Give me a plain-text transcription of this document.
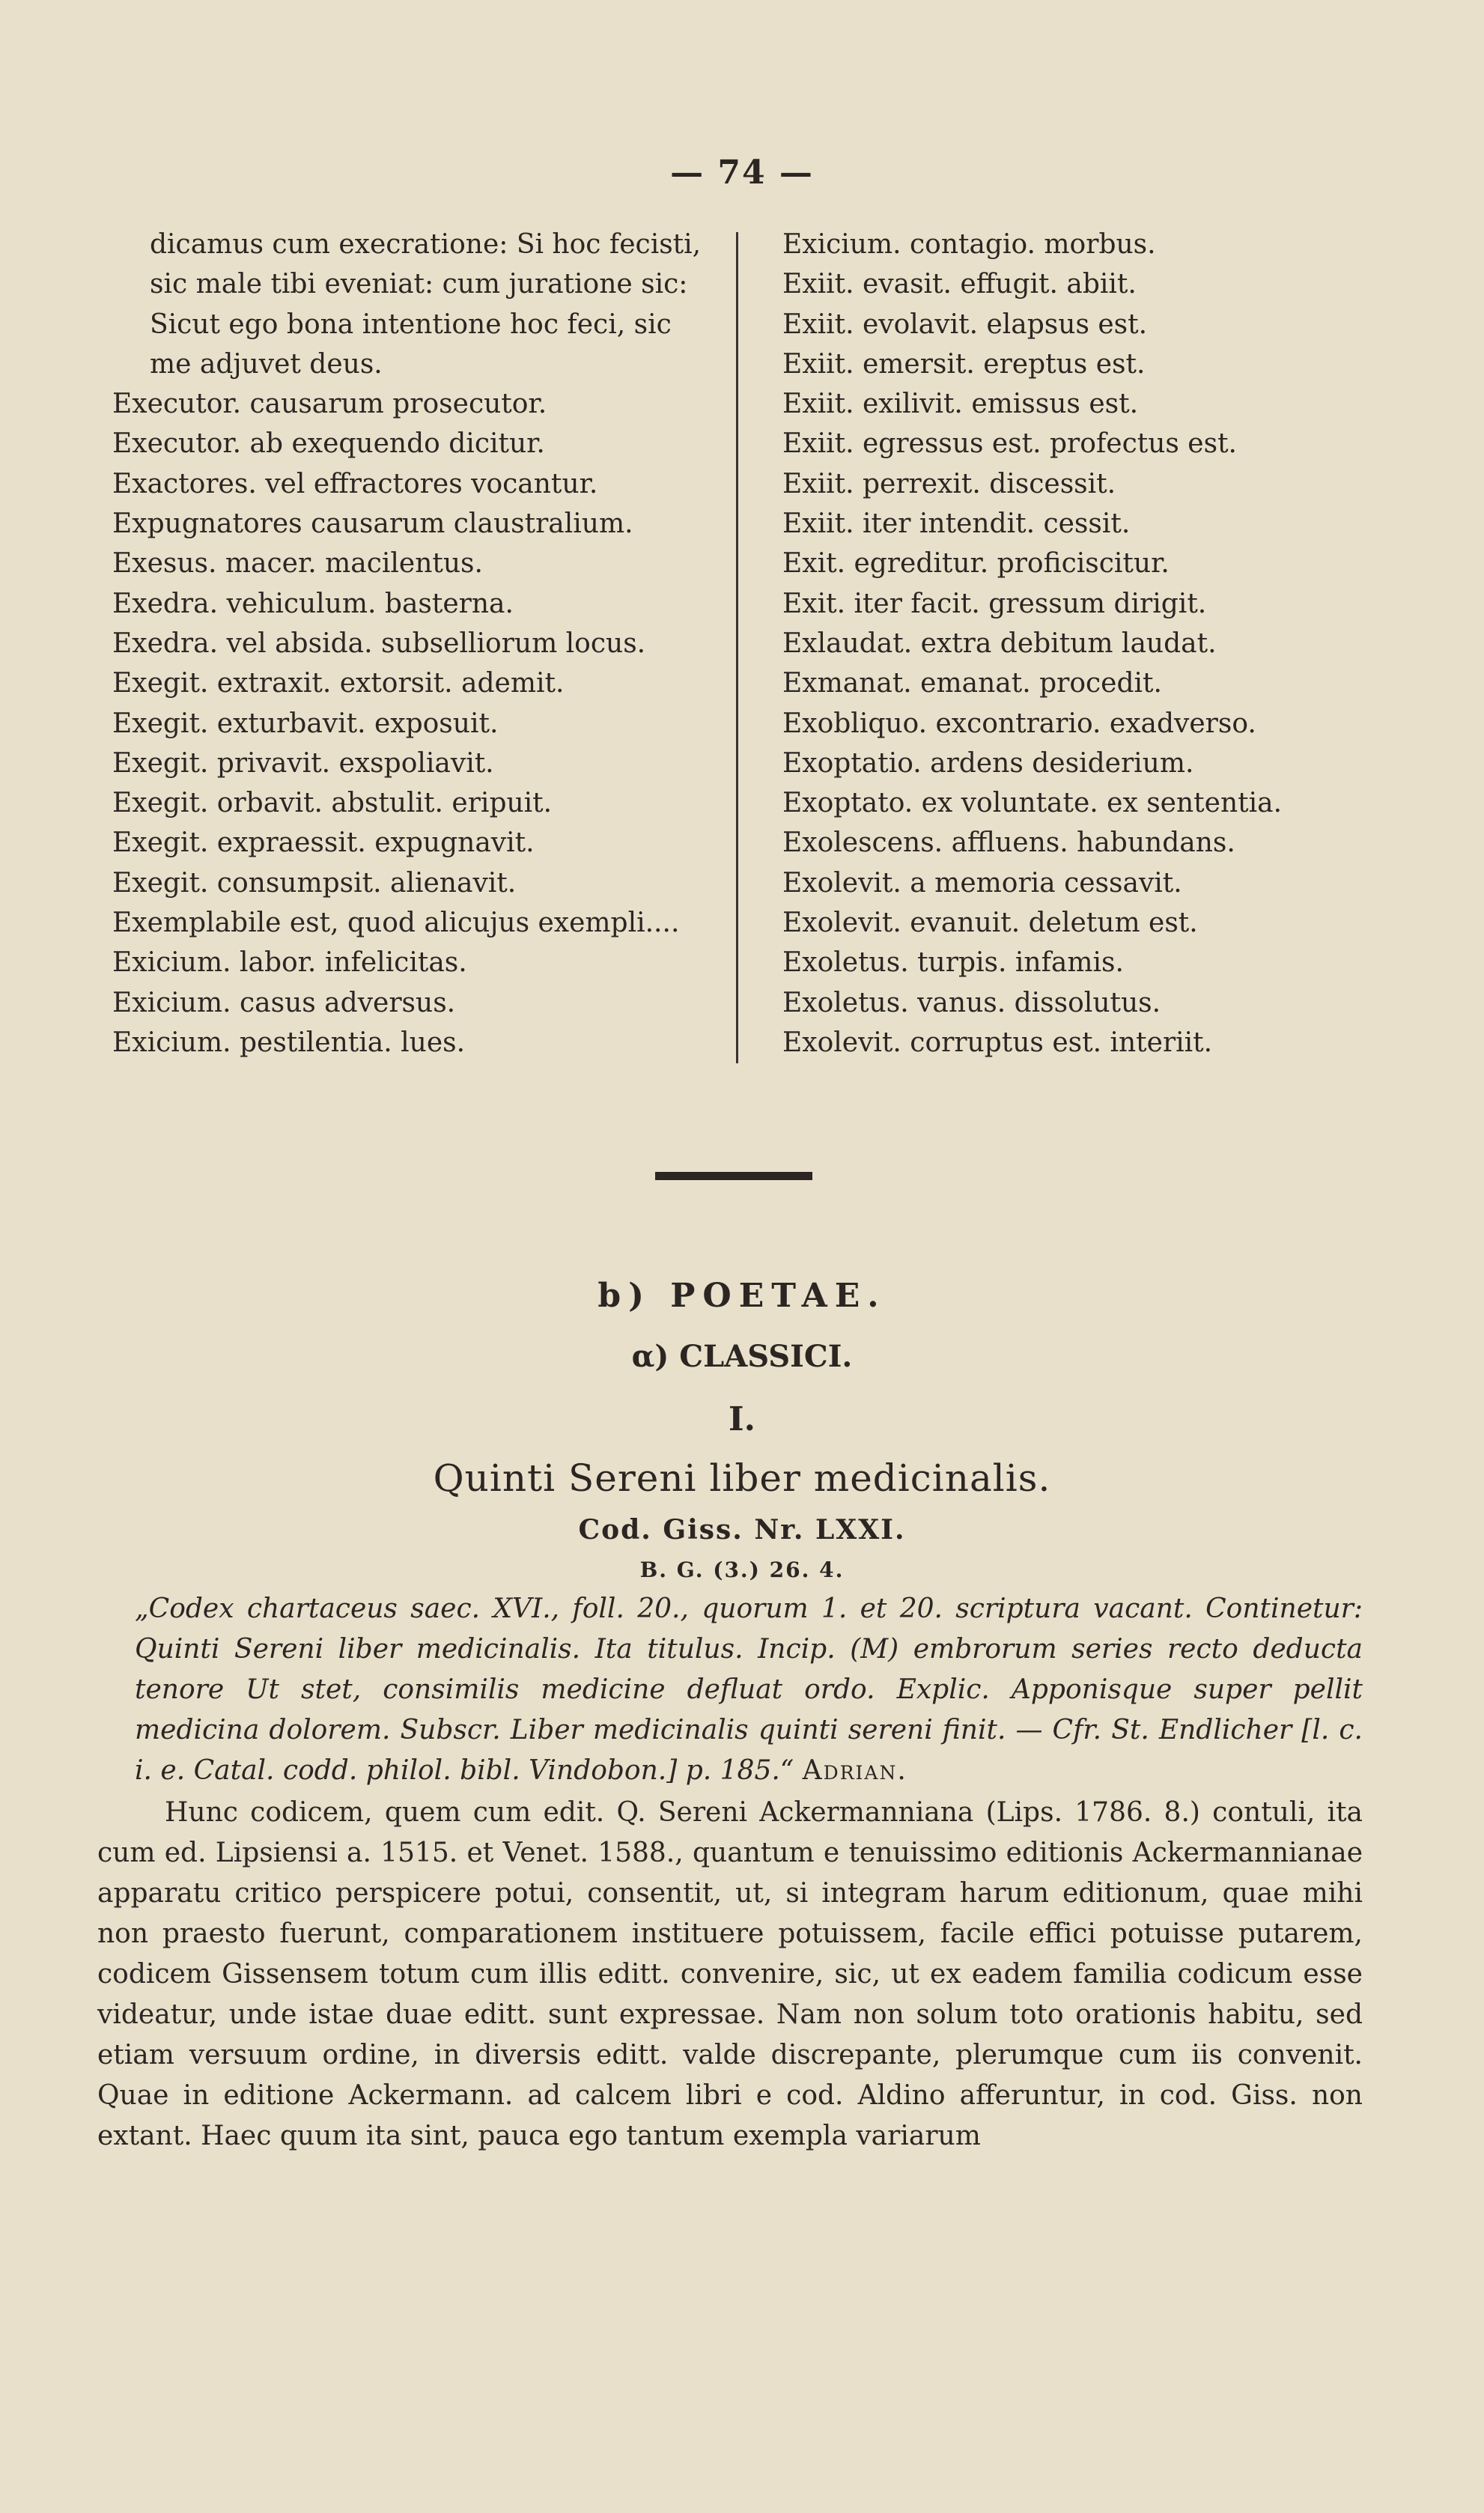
— 74 —
dicamus cum execratione: Si hoc fecisti,
sic male tibi eveniat: cum juratione sic:
Sicut ego bona intentione hoc feci, sic
me adjuvet deus.
Executor. causarum prosecutor.
Executor. ab exequendo dicitur.
Exactores. vel effractores vocantur.
Expugnatores causarum claustralium.
Exesus. macer. macilentus.
Exedra. vehiculum. basterna.
Exedra. vel absida. subselliorum locus.
Exegit. extraxit. extorsit. ademit.
Exegit. exturbavit. exposuit.
Exegit. privavit. exspoliavit.
Exegit. orbavit. abstulit. eripuit.
Exegit. expraessit. expugnavit.
Exegit. consumpsit. alienavit.
Exemplabile est, quod alicujus exempli....
Exicium. labor. infelicitas.
Exicium. casus adversus.
Exicium. pestilentia. lues.
Exicium. contagio. morbus.
Exiit. evasit. effugit. abiit.
Exiit. evolavit. elapsus est.
Exiit. emersit. ereptus est.
Exiit. exilivit. emissus est.
Exiit. egressus est. profectus est.
Exiit. perrexit. discessit.
Exiit. iter intendit. cessit.
Exit. egreditur. proficiscitur.
Exit. iter facit. gressum dirigit.
Exlaudat. extra debitum laudat.
Exmanat. emanat. procedit.
Exobliquo. excontrario. exadverso.
Exoptatio. ardens desiderium.
Exoptato. ex voluntate. ex sententia.
Exolescens. affluens. habundans.
Exolevit. a memoria cessavit.
Exolevit. evanuit. deletum est.
Exoletus. turpis. infamis.
Exoletus. vanus. dissolutus.
Exolevit. corruptus est. interiit.
b) POETAE.
α) CLASSICI.
I.
Quinti Sereni liber medicinalis.
Cod. Giss. Nr. LXXI.
B. G. (3.) 26. 4.

„Codex chartaceus saec. XVI., foll. 20., quorum 1. et 20. scriptura vacant. Continetur: Quinti Sereni liber medicinalis. Ita titulus. Incip. (M) embrorum series recto deducta tenore Ut stet, consimilis medicine defluat ordo. Explic. Apponisque super pellit medicina dolorem. Subscr. Liber medicinalis quinti sereni finit. — Cfr. St. Endlicher [l. c. i. e. Catal. codd. philol. bibl. Vindobon.] p. 185.“ Adrian.

Hunc codicem, quem cum edit. Q. Sereni Ackermanniana (Lips. 1786. 8.) contuli, ita cum ed. Lipsiensi a. 1515. et Venet. 1588., quantum e tenuissimo editionis Ackermannianae apparatu critico perspicere potui, consentit, ut, si integram harum editionum, quae mihi non praesto fuerunt, comparationem instituere potuissem, facile effici potuisse putarem, codicem Gissensem totum cum illis editt. convenire, sic, ut ex eadem familia codicum esse videatur, unde istae duae editt. sunt expressae. Nam non solum toto orationis habitu, sed etiam versuum ordine, in diversis editt. valde discrepante, plerumque cum iis convenit. Quae in editione Ackermann. ad calcem libri e cod. Aldino afferuntur, in cod. Giss. non extant. Haec quum ita sint, pauca ego tantum exempla variarum
